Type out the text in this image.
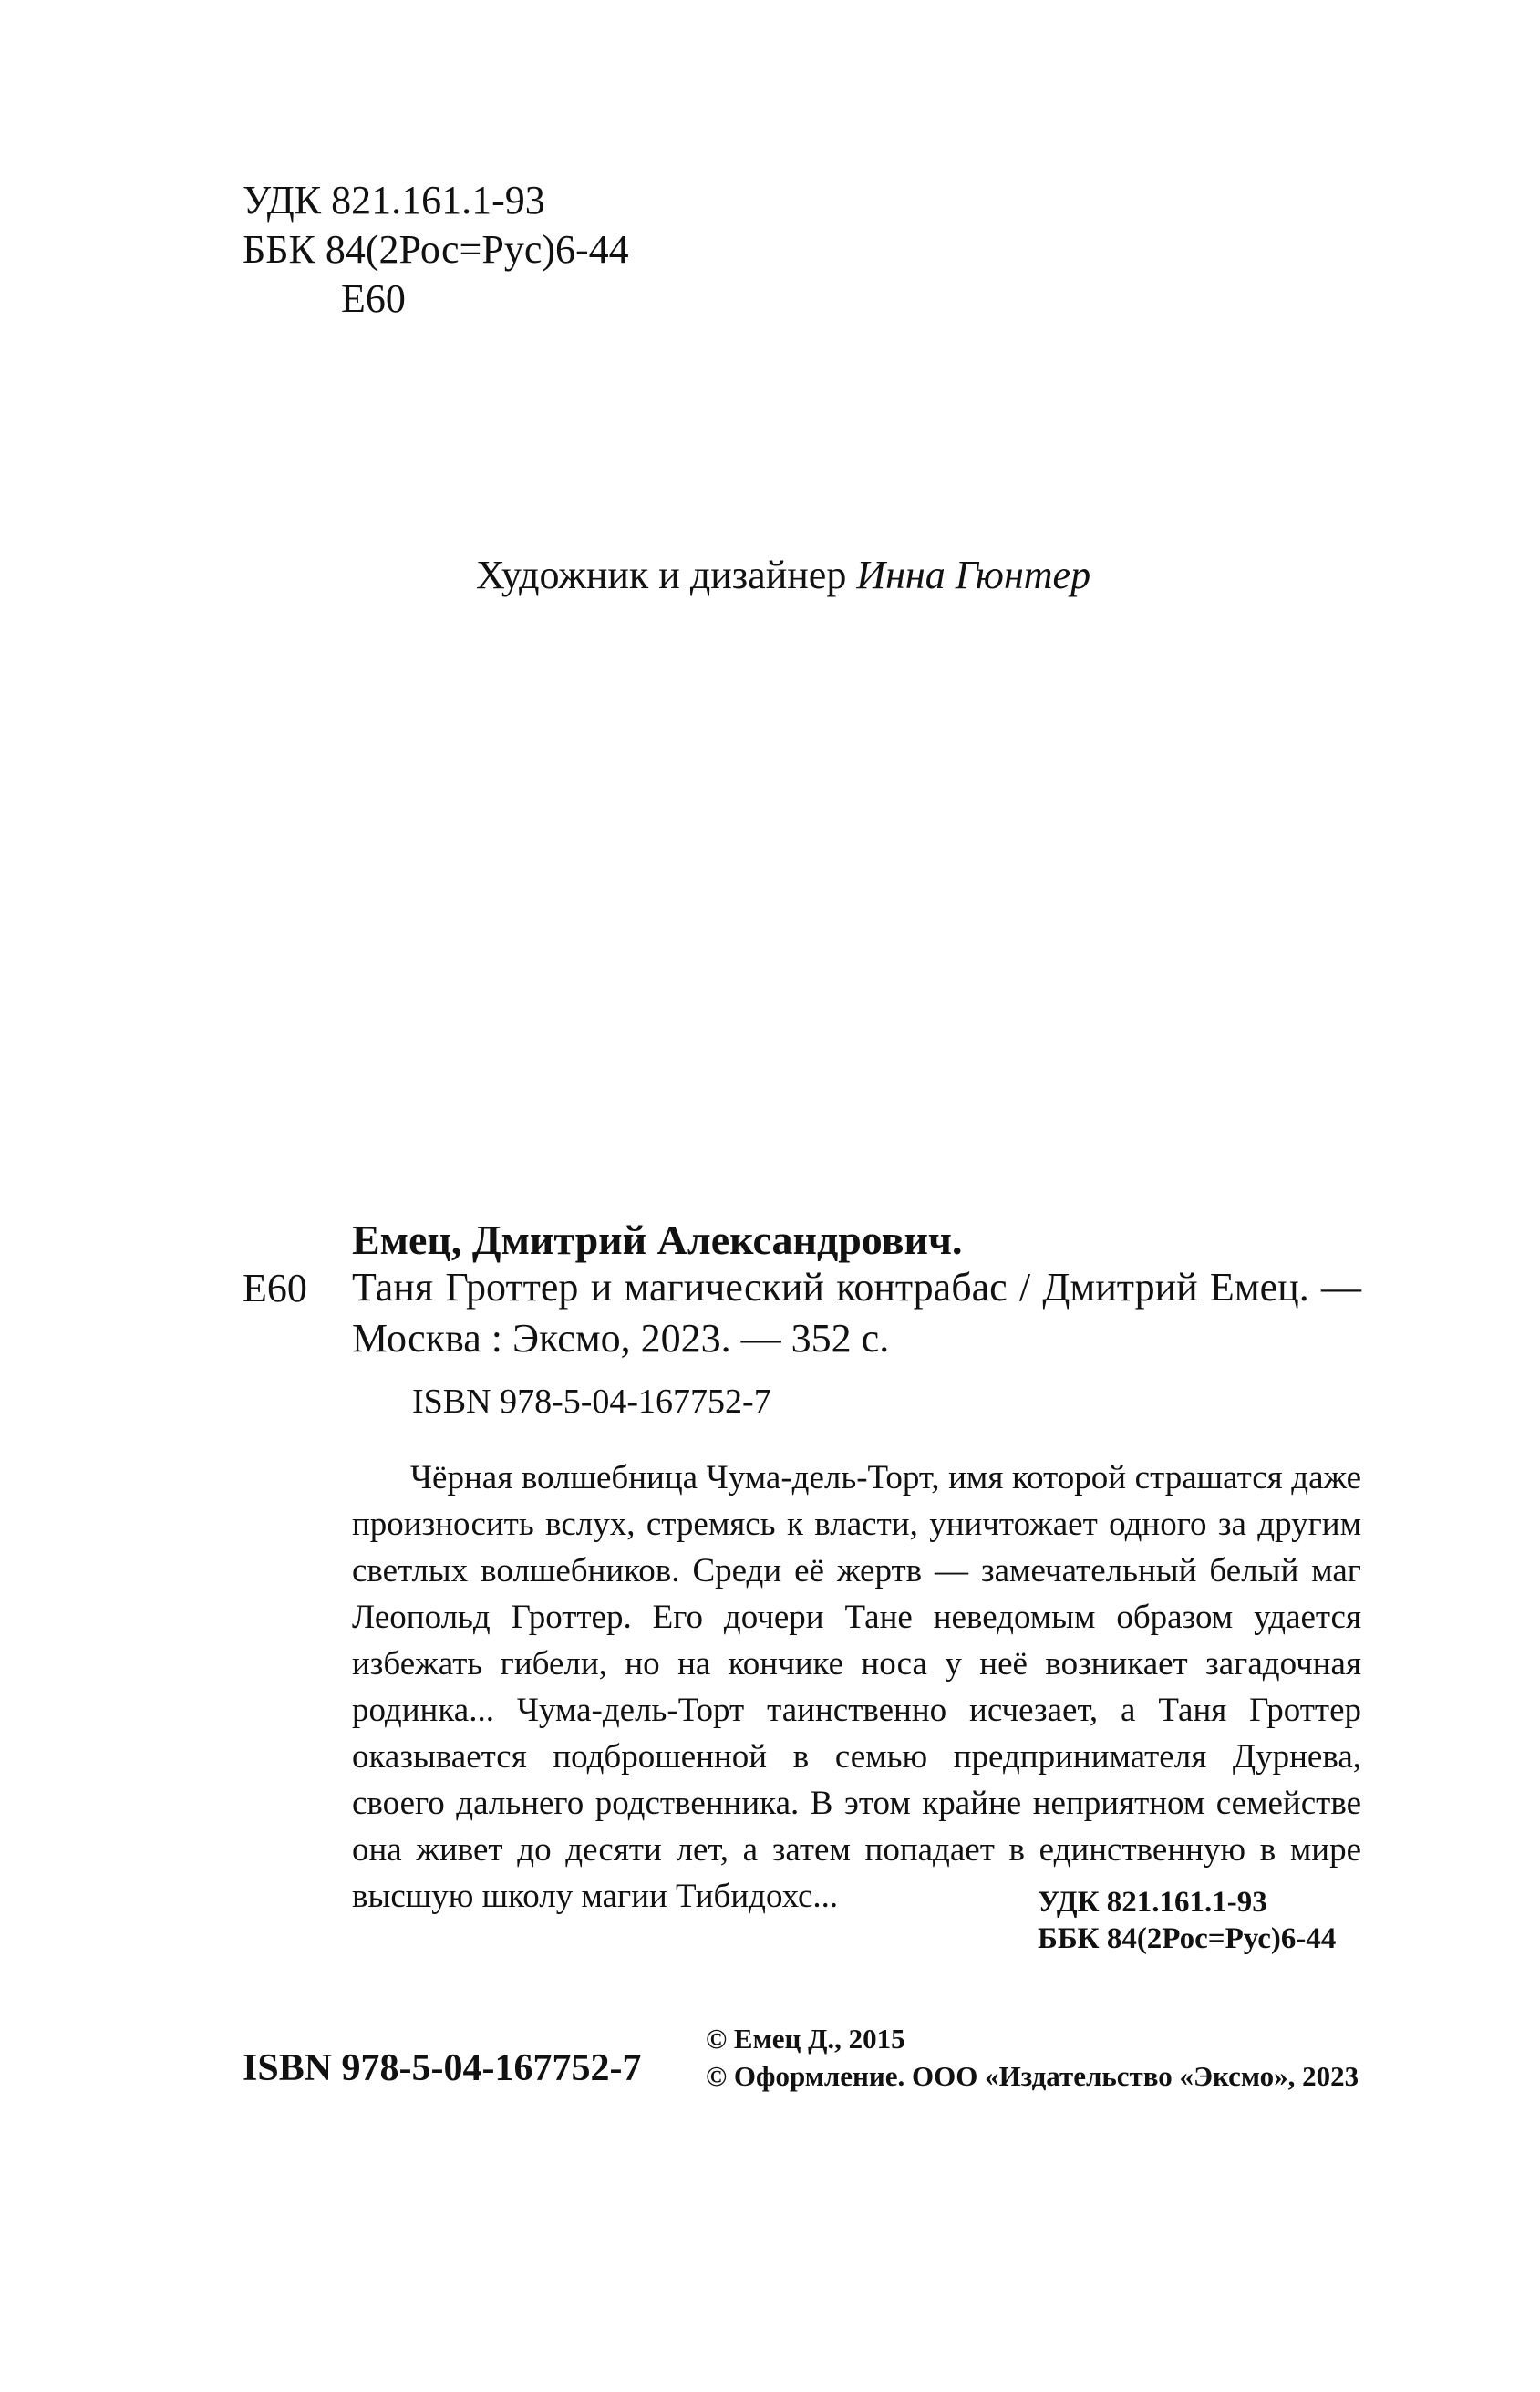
УДК 821.161.1-93
ББК 84(2Рос=Рус)6-44
Е60
Художник и дизайнер Инна Гюнтер
Емец, Дмитрий Александрович.
Е60 Таня Гроттер и магический контрабас / Дмитрий Емец. — Москва : Эксмо, 2023. — 352 с.
ISBN 978-5-04-167752-7
Чёрная волшебница Чума-дель-Торт, имя которой страшатся даже произносить вслух, стремясь к власти, уничтожает одного за другим светлых волшебников. Среди её жертв — замечательный белый маг Леопольд Гроттер. Его дочери Тане неведомым образом удается избежать гибели, но на кончике носа у неё возникает загадочная родинка... Чума-дель-Торт таинственно исчезает, а Таня Гроттер оказывается подброшенной в семью предпринимателя Дурнева, своего дальнего родственника. В этом крайне неприятном семействе она живет до десяти лет, а затем попадает в единственную в мире высшую школу магии Тибидохс...	УДК 821.161.1-93
ББК 84(2Рос=Рус)6-44
ISBN 978-5-04-167752-7
© Емец Д., 2015
© Оформление. ООО «Издательство «Эксмо», 2023
